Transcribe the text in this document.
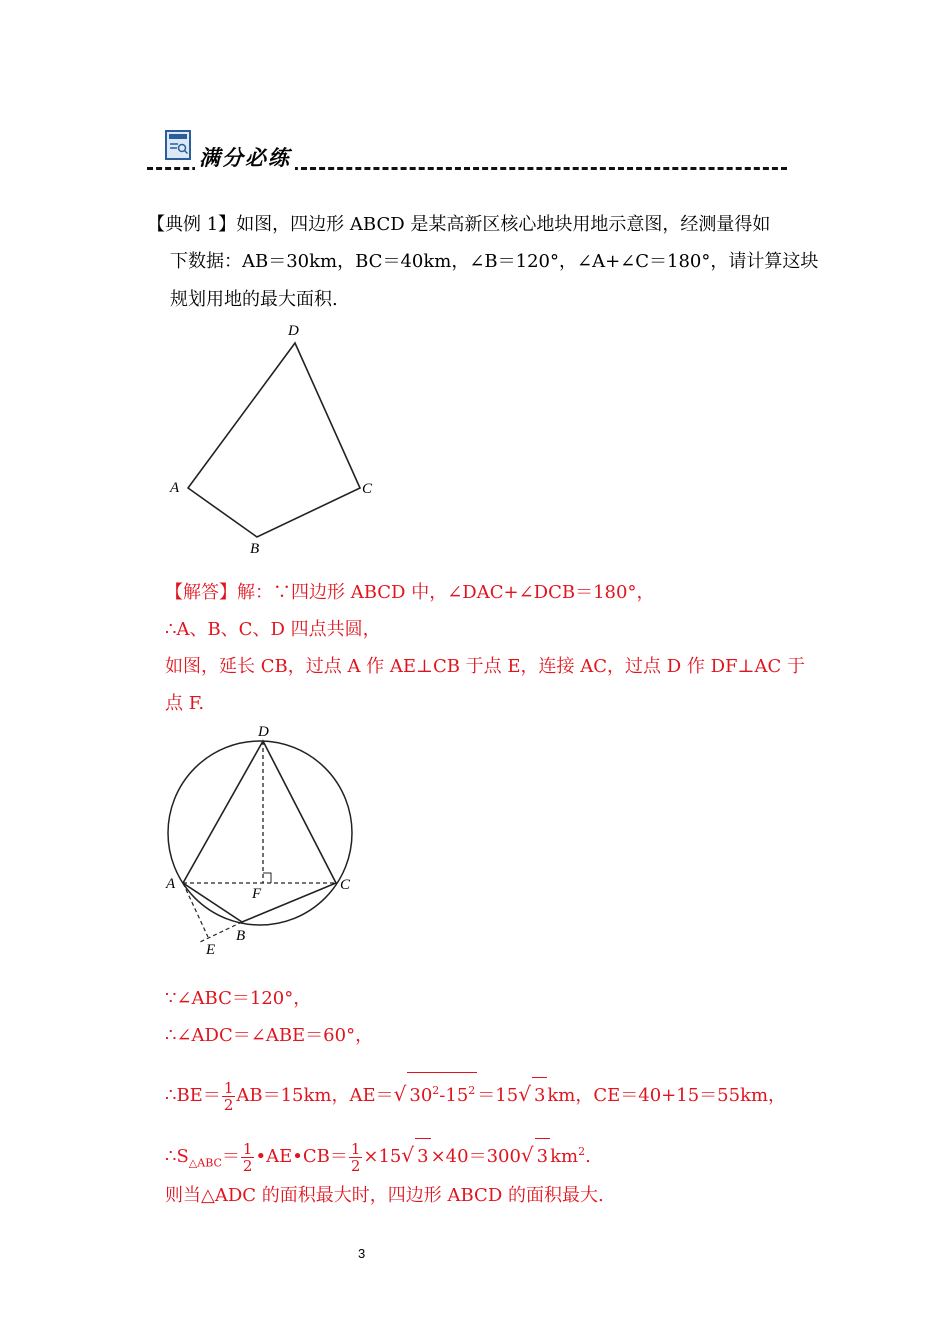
满分必练
【典例 1】如图，四边形 ABCD 是某高新区核心地块用地示意图，经测量得如
下数据：AB＝30km，BC＝40km，∠B＝120°，∠A+∠C＝180°，请计算这块
规划用地的最大面积.
D
A	C
B
【解答】解：∵四边形 ABCD 中，∠DAC+∠DCB＝180°，
∴A、B、C、D 四点共圆，
如图，延长 CB，过点 A 作 AE⊥CB 于点 E，连接 AC，过点 D 作 DF⊥AC 于
点 F.
D
A	C
F
B
E
∵∠ABC＝120°，
∴∠ADC＝∠ABE＝60°，
∴BE＝ $\frac{1}{2} AB=15km$，AE＝√ $30^2-15^2 =15√$ 3 km，CE＝40+15＝55km，
$\therefore S_{\triangle ABC}= \frac{1}{2}$ •AE•CB＝ $\frac{1}{2} \times 15√$ 3 ×40＝300√ 3 $km^2$.
则当△ADC 的面积最大时，四边形 ABCD 的面积最大.
3
